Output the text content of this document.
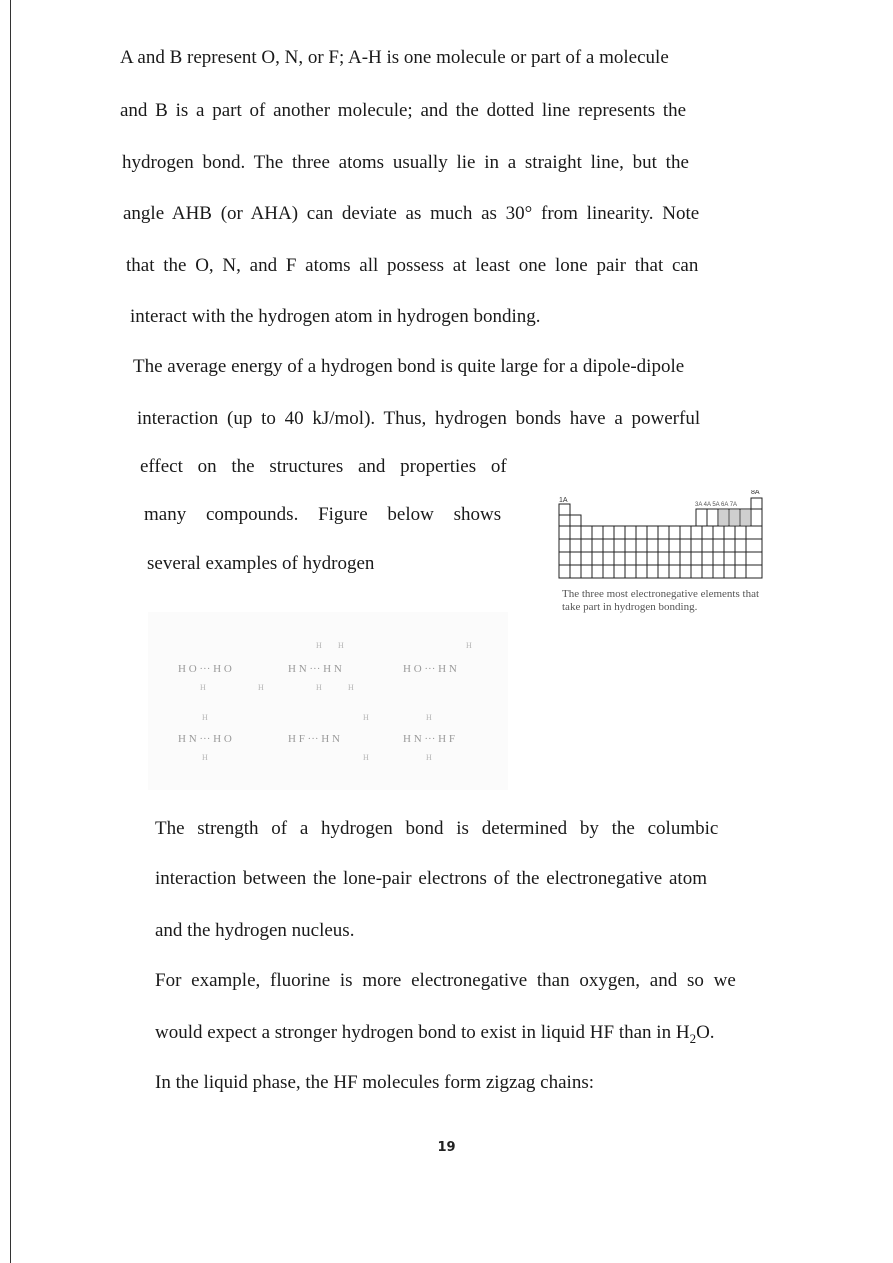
A and B represent O, N, or F; A-H is one molecule or part of a molecule
and B is a part of another molecule; and the dotted line represents the
hydrogen bond. The three atoms usually lie in a straight line, but the
angle AHB (or AHA) can deviate as much as 30° from linearity. Note
that the O, N, and F atoms all possess at least one lone pair that can
interact with the hydrogen atom in hydrogen bonding.
The average energy of a hydrogen bond is quite large for a dipole-dipole
interaction (up to 40 kJ/mol). Thus, hydrogen bonds have a powerful
effect on the structures and properties of
many compounds. Figure below shows
several examples of hydrogen
1A
3A 4A 5A 6A 7A
8A
The three most electronegative elements that take part in hydrogen bonding.
H O ··· H O	H N ··· H N	H O ··· H N
H N ··· H O	H F ··· H N	H N ··· H F
H H	H
H	H	H	H
H	H	H
H	H	H
The strength of a hydrogen bond is determined by the columbic
interaction between the lone-pair electrons of the electronegative atom
and the hydrogen nucleus.
For example, fluorine is more electronegative than oxygen, and so we
would expect a stronger hydrogen bond to exist in liquid HF than in $H_2O$.
In the liquid phase, the HF molecules form zigzag chains:
19
